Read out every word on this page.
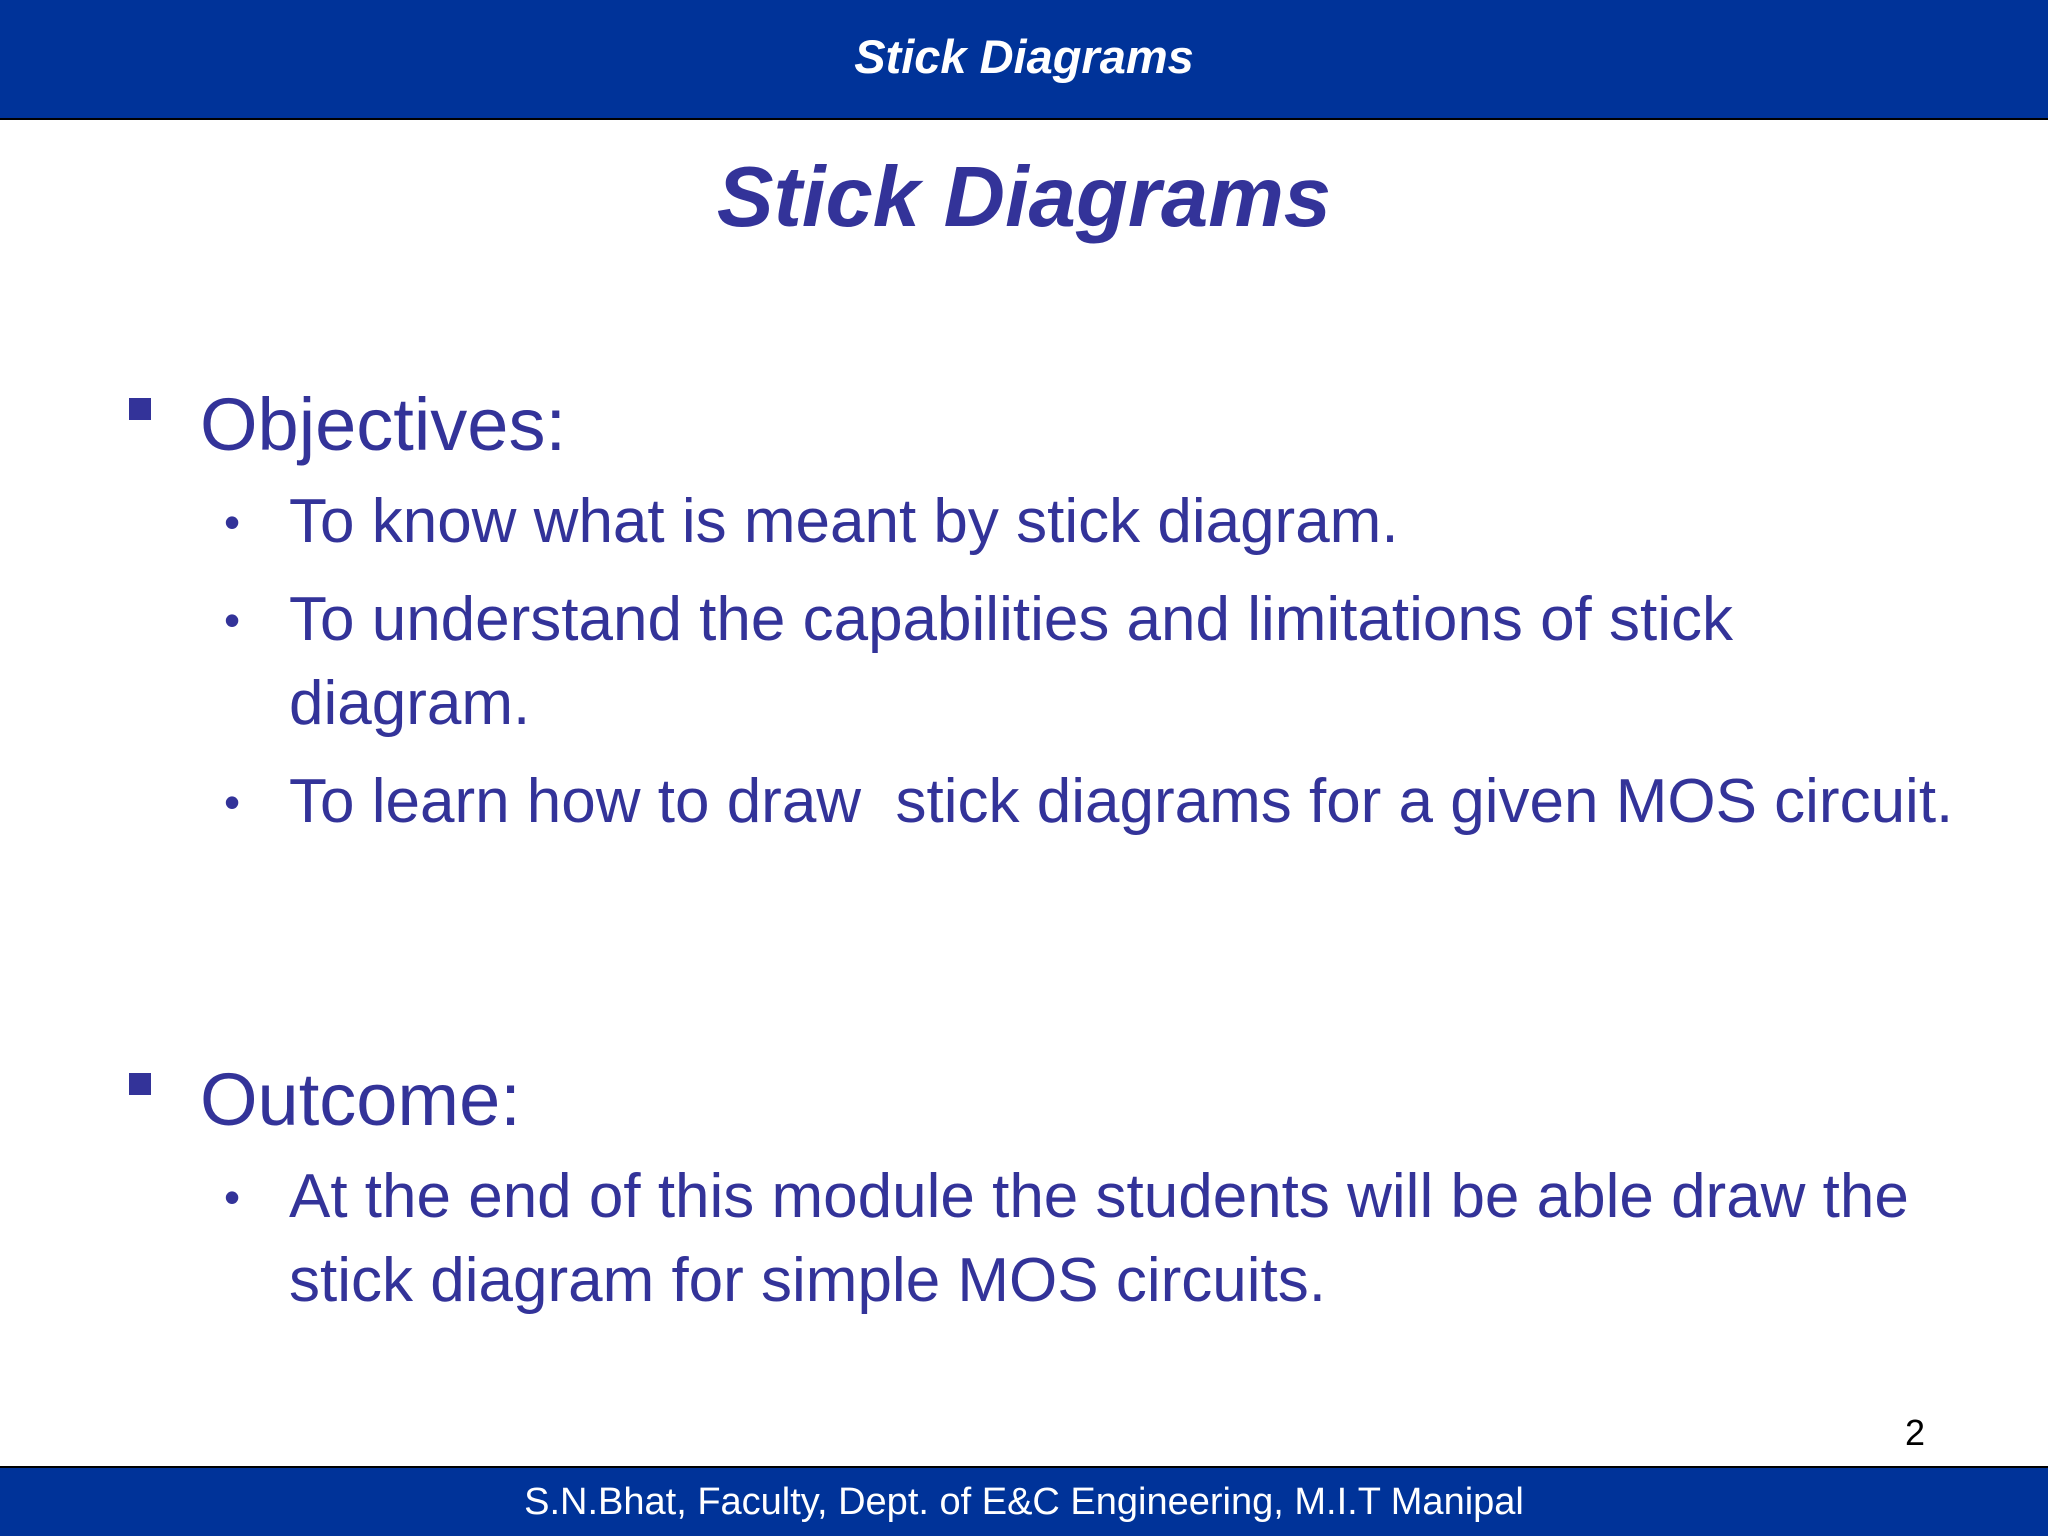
Stick Diagrams
Stick Diagrams
Objectives:
• To know what is meant by stick diagram.
• To understand the capabilities and limitations of stick diagram.
• To learn how to draw  stick diagrams for a given MOS circuit.
Outcome:
• At the end of this module the students will be able draw the stick diagram for simple MOS circuits.
2
S.N.Bhat, Faculty, Dept. of E&C Engineering, M.I.T Manipal
